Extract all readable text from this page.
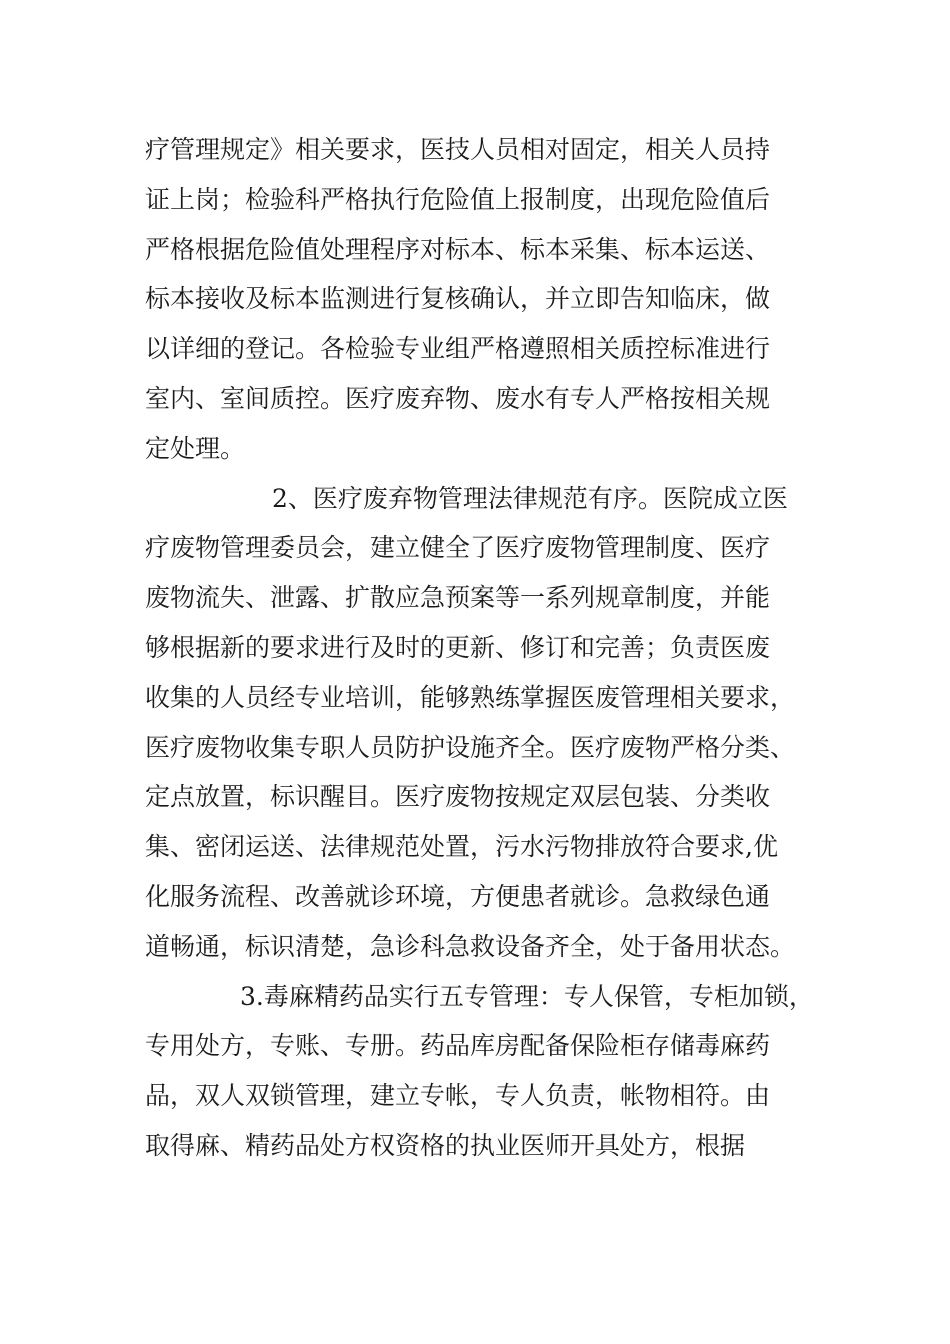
疗管理规定》相关要求，医技人员相对固定，相关人员持
证上岗；检验科严格执行危险值上报制度，出现危险值后
严格根据危险值处理程序对标本、标本采集、标本运送、
标本接收及标本监测进行复核确认，并立即告知临床，做
以详细的登记。各检验专业组严格遵照相关质控标准进行
室内、室间质控。医疗废弃物、废水有专人严格按相关规
定处理。
2、医疗废弃物管理法律规范有序。医院成立医
疗废物管理委员会，建立健全了医疗废物管理制度、医疗
废物流失、泄露、扩散应急预案等一系列规章制度，并能
够根据新的要求进行及时的更新、修订和完善；负责医废
收集的人员经专业培训，能够熟练掌握医废管理相关要求，
医疗废物收集专职人员防护设施齐全。医疗废物严格分类、
定点放置，标识醒目。医疗废物按规定双层包装、分类收
集、密闭运送、法律规范处置，污水污物排放符合要求,优
化服务流程、改善就诊环境，方便患者就诊。急救绿色通
道畅通，标识清楚，急诊科急救设备齐全，处于备用状态。
3.毒麻精药品实行五专管理：专人保管，专柜加锁，
专用处方，专账、专册。药品库房配备保险柜存储毒麻药
品，双人双锁管理，建立专帐，专人负责，帐物相符。由
取得麻、精药品处方权资格的执业医师开具处方，根据
